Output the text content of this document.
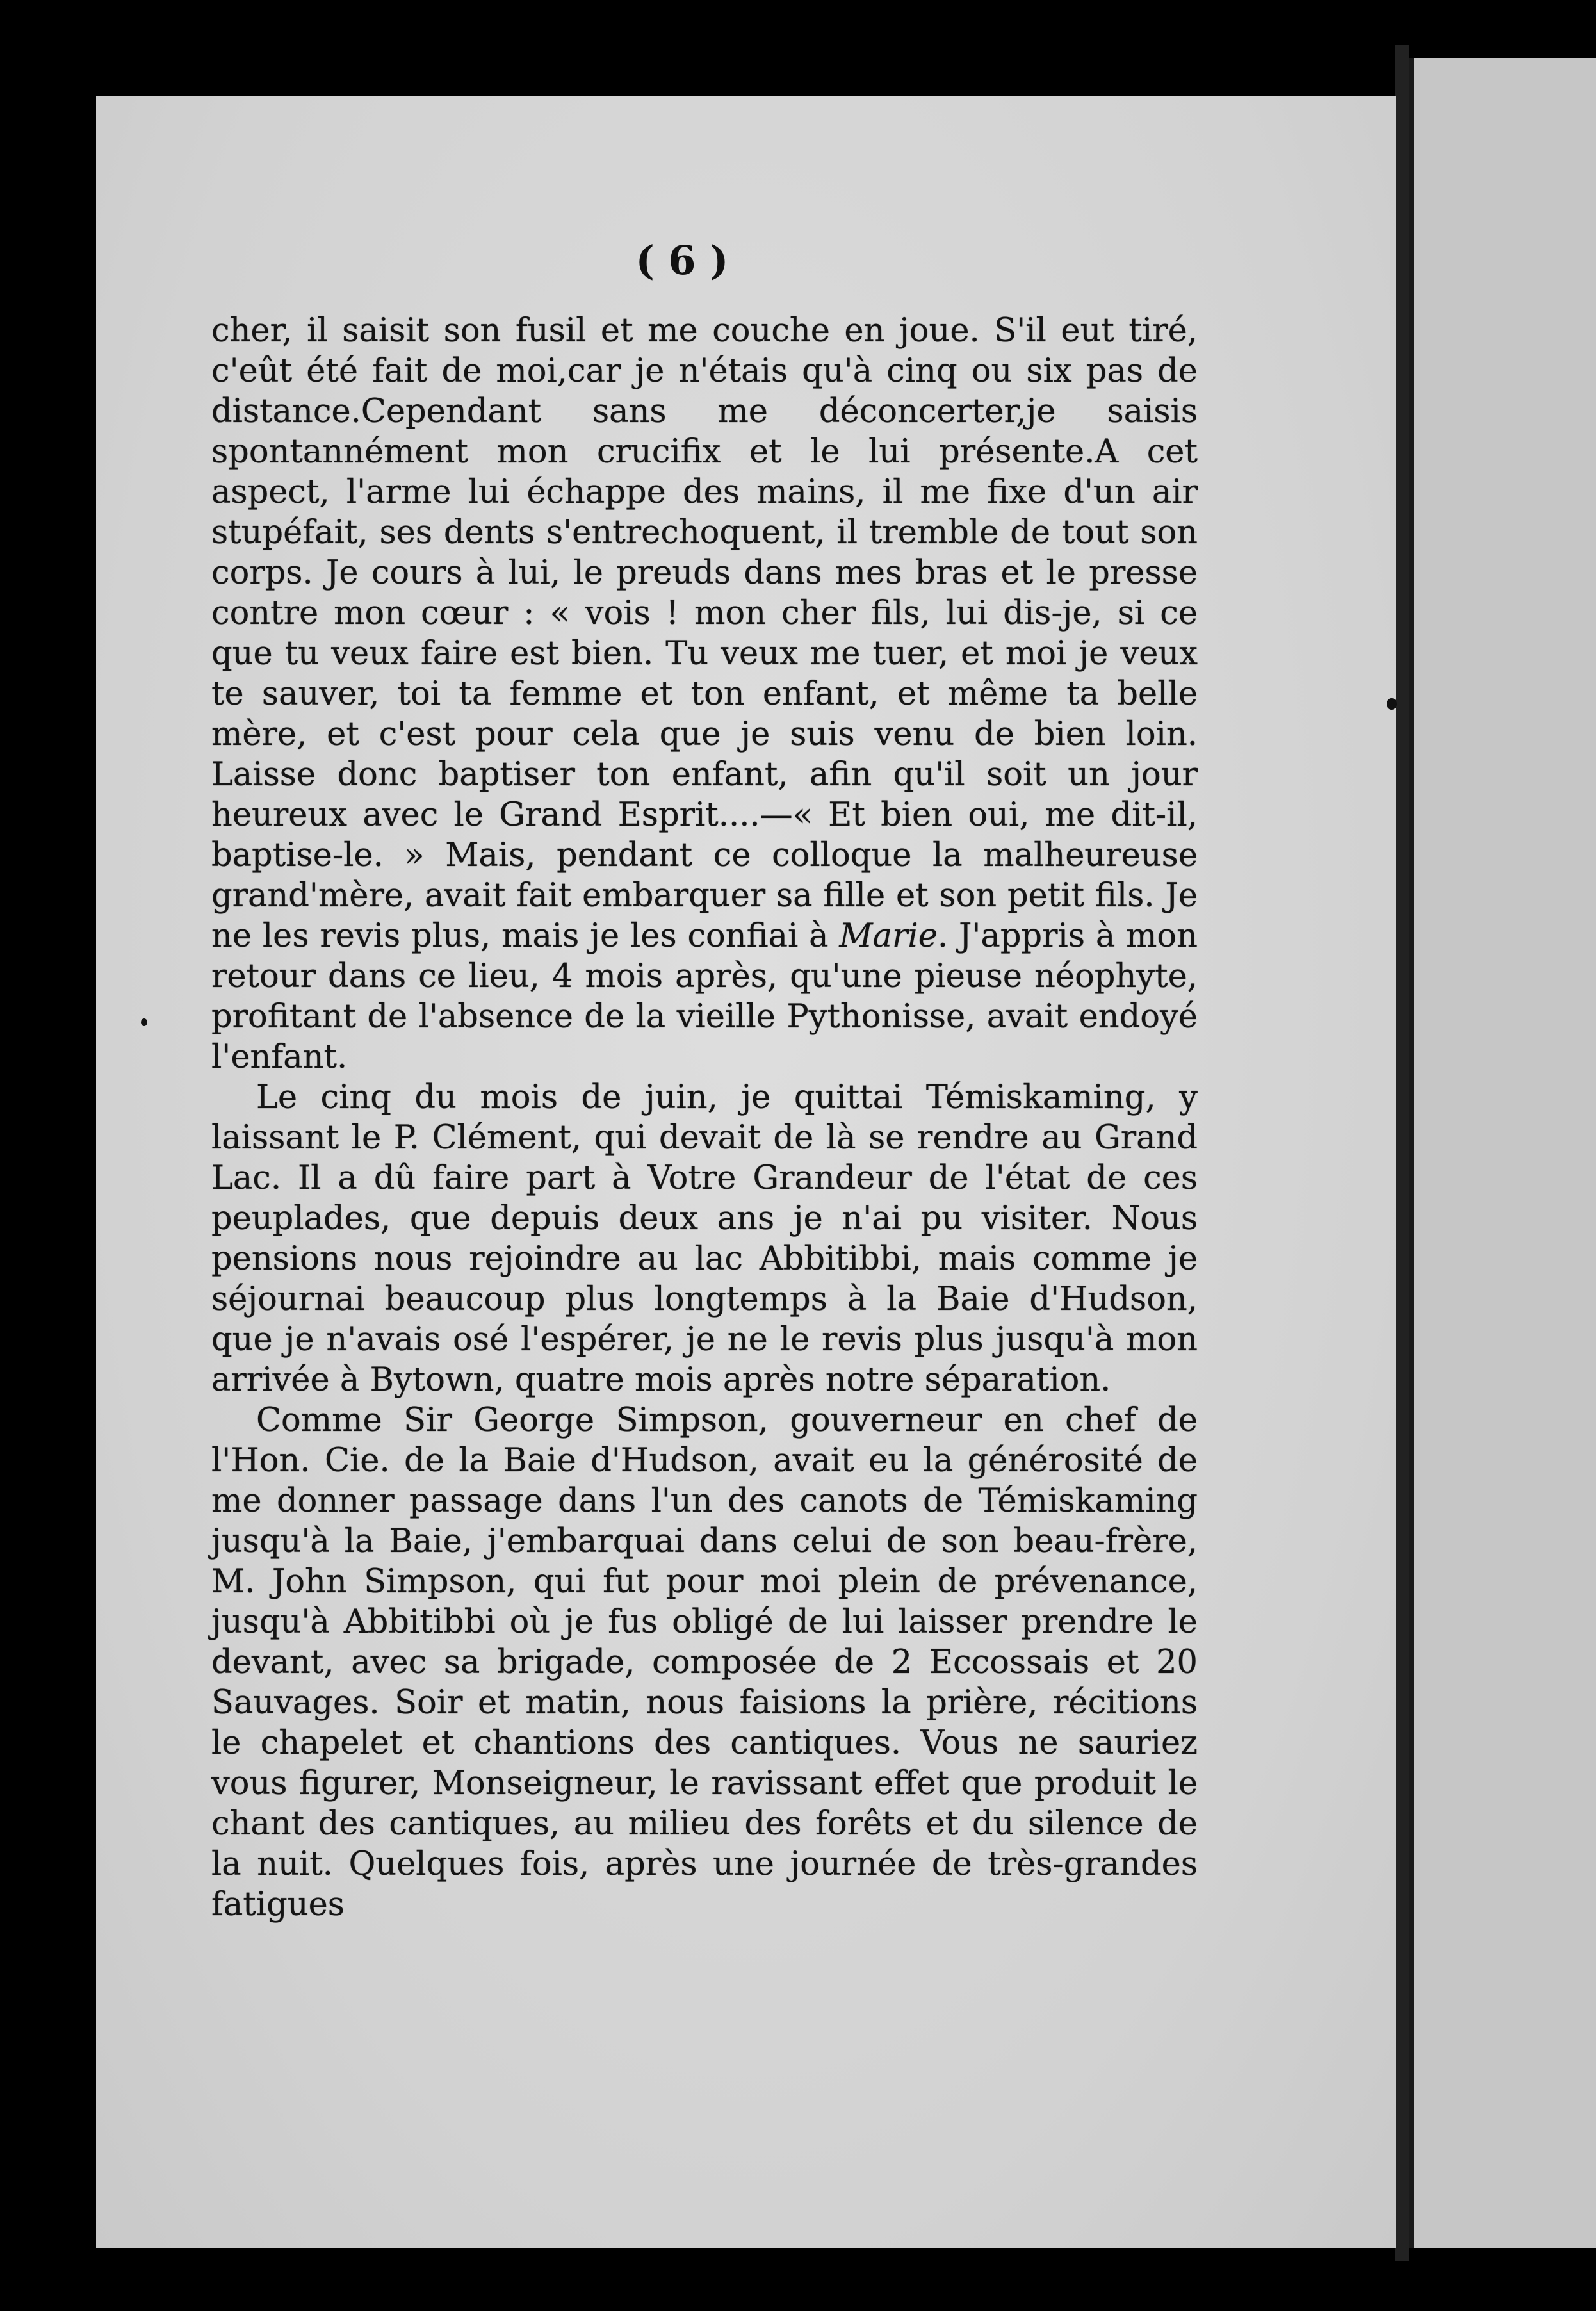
( 6 )

cher, il saisit son fusil et me couche en joue. S'il eut tiré, c'eût été fait de moi,car je n'étais qu'à cinq ou six pas de distance.Cependant sans me déconcerter,je saisis spontannément mon crucifix et le lui présente.A cet aspect, l'arme lui échappe des mains, il me fixe d'un air stupéfait, ses dents s'entrechoquent, il tremble de tout son corps. Je cours à lui, le preuds dans mes bras et le presse contre mon cœur : « vois ! mon cher fils, lui dis-je, si ce que tu veux faire est bien. Tu veux me tuer, et moi je veux te sauver, toi ta femme et ton enfant, et même ta belle mère, et c'est pour cela que je suis venu de bien loin. Laisse donc baptiser ton enfant, afin qu'il soit un jour heureux avec le Grand Esprit....—« Et bien oui, me dit-il, baptise-le. » Mais, pendant ce colloque la malheureuse grand'mère, avait fait embarquer sa fille et son petit fils. Je ne les revis plus, mais je les confiai à Marie. J'appris à mon retour dans ce lieu, 4 mois après, qu'une pieuse néophyte, profitant de l'absence de la vieille Pythonisse, avait endoyé l'enfant.

Le cinq du mois de juin, je quittai Témiskaming, y laissant le P. Clément, qui devait de là se rendre au Grand Lac. Il a dû faire part à Votre Grandeur de l'état de ces peuplades, que depuis deux ans je n'ai pu visiter. Nous pensions nous rejoindre au lac Abbitibbi, mais comme je séjournai beaucoup plus longtemps à la Baie d'Hudson, que je n'avais osé l'espérer, je ne le revis plus jusqu'à mon arrivée à Bytown, quatre mois après notre séparation.

Comme Sir George Simpson, gouverneur en chef de l'Hon. Cie. de la Baie d'Hudson, avait eu la générosité de me donner passage dans l'un des canots de Témiskaming jusqu'à la Baie, j'embarquai dans celui de son beau-frère, M. John Simpson, qui fut pour moi plein de prévenance, jusqu'à Abbitibbi où je fus obligé de lui laisser prendre le devant, avec sa brigade, composée de 2 Eccossais et 20 Sauvages. Soir et matin, nous faisions la prière, récitions le chapelet et chantions des cantiques. Vous ne sauriez vous figurer, Monseigneur, le ravissant effet que produit le chant des cantiques, au milieu des forêts et du silence de la nuit. Quelques fois, après une journée de très-grandes fatigues
